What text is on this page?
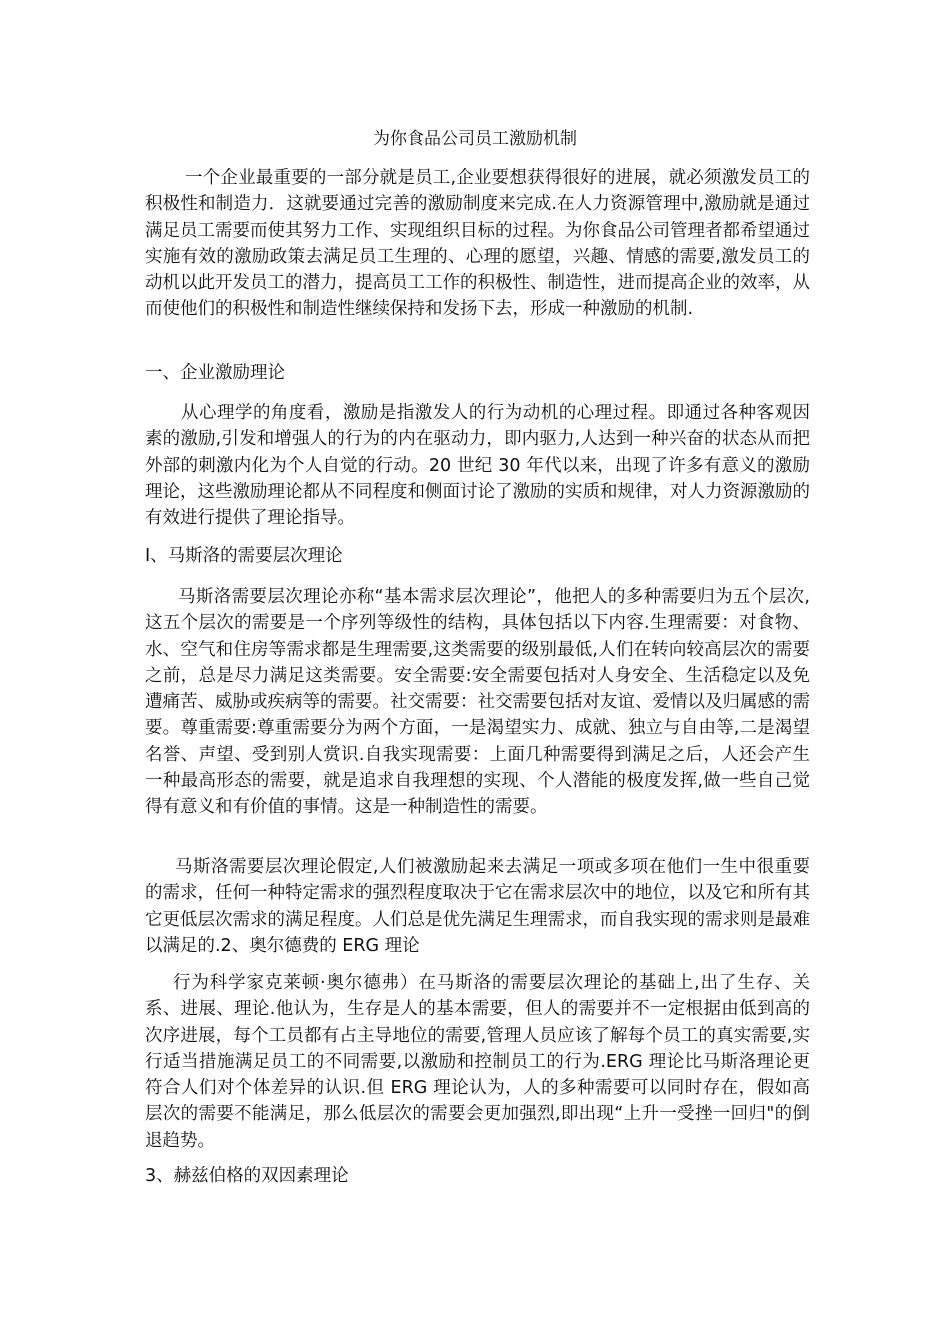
为你食品公司员工激励机制

一个企业最重要的一部分就是员工,企业要想获得很好的进展，就必须激发员工的积极性和制造力．这就要通过完善的激励制度来完成.在人力资源管理中,激励就是通过满足员工需要而使其努力工作、实现组织目标的过程。为你食品公司管理者都希望通过实施有效的激励政策去满足员工生理的、心理的愿望，兴趣、情感的需要,激发员工的动机以此开发员工的潜力，提高员工工作的积极性、制造性，进而提高企业的效率，从而使他们的积极性和制造性继续保持和发扬下去，形成一种激励的机制.

一、企业激励理论

从心理学的角度看，激励是指激发人的行为动机的心理过程。即通过各种客观因素的激励,引发和增强人的行为的内在驱动力，即内驱力,人达到一种兴奋的状态从而把外部的刺激内化为个人自觉的行动。20 世纪 30 年代以来，出现了许多有意义的激励理论，这些激励理论都从不同程度和侧面讨论了激励的实质和规律，对人力资源激励的有效进行提供了理论指导。

I、马斯洛的需要层次理论

马斯洛需要层次理论亦称“基本需求层次理论”，他把人的多种需要归为五个层次,这五个层次的需要是一个序列等级性的结构，具体包括以下内容.生理需要：对食物、水、空气和住房等需求都是生理需要,这类需要的级别最低,人们在转向较高层次的需要之前，总是尽力满足这类需要。安全需要:安全需要包括对人身安全、生活稳定以及免遭痛苦、威胁或疾病等的需要。社交需要：社交需要包括对友谊、爱情以及归属感的需要。尊重需要:尊重需要分为两个方面，一是渴望实力、成就、独立与自由等,二是渴望名誉、声望、受到别人赏识.自我实现需要：上面几种需要得到满足之后，人还会产生一种最高形态的需要，就是追求自我理想的实现、个人潜能的极度发挥,做一些自己觉得有意义和有价值的事情。这是一种制造性的需要。

马斯洛需要层次理论假定,人们被激励起来去满足一项或多项在他们一生中很重要的需求，任何一种特定需求的强烈程度取决于它在需求层次中的地位，以及它和所有其它更低层次需求的满足程度。人们总是优先满足生理需求，而自我实现的需求则是最难以满足的.2、奥尔德费的 ERG 理论

行为科学家克莱顿·奥尔德弗）在马斯洛的需要层次理论的基础上,出了生存、关系、进展、理论.他认为，生存是人的基本需要，但人的需要并不一定根据由低到高的次序进展，每个工员都有占主导地位的需要,管理人员应该了解每个员工的真实需要,实行适当措施满足员工的不同需要,以激励和控制员工的行为.ERG 理论比马斯洛理论更符合人们对个体差异的认识.但 ERG 理论认为，人的多种需要可以同时存在，假如高层次的需要不能满足，那么低层次的需要会更加强烈,即出现“上升一受挫一回归"的倒退趋势。

3、赫兹伯格的双因素理论
